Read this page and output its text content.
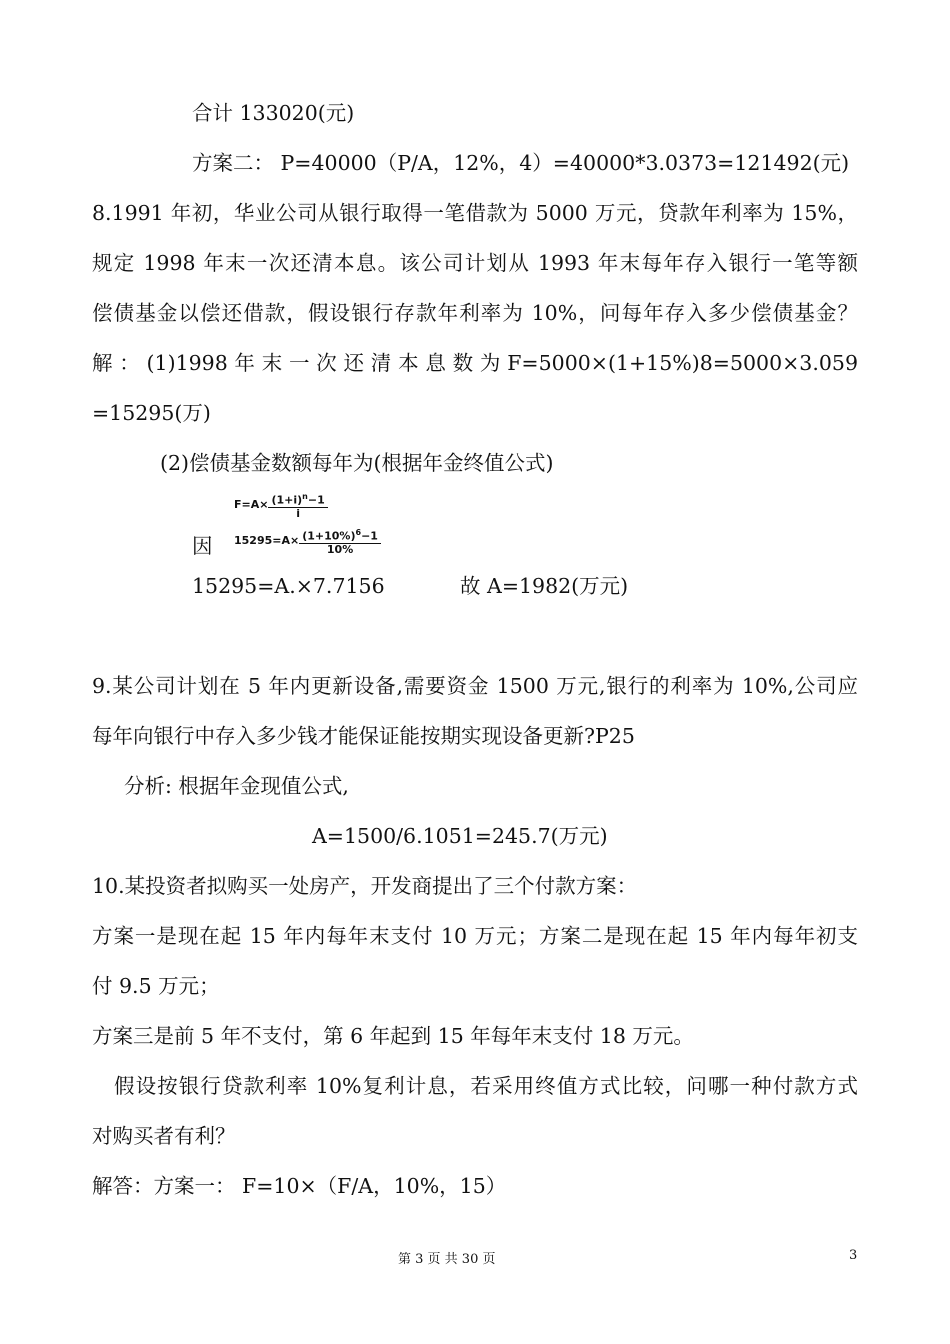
合计 133020(元)
方案二： P=40000（P/A，12%，4）=40000*3.0373=121492(元)
8.1991 年初，华业公司从银行取得一笔借款为 5000 万元，贷款年利率为 15%，
规定 1998 年末一次还清本息。该公司计划从 1993 年末每年存入银行一笔等额
偿债基金以偿还借款，假设银行存款年利率为 10%，问每年存入多少偿债基金？
解 ： (1)1998 年 末 一 次 还 清 本 息 数 为 F=5000×(1+15%)8=5000×3.059
=15295(万)
(2)偿债基金数额每年为(根据年金终值公式)
$F=A\times \frac{(1+i)^n-1}{i}$
因 $15295=A\times \frac{(1+10\%)^6-1}{10\%}$
15295=A.×7.7156	故 A=1982(万元)
9.某公司计划在 5 年内更新设备,需要资金 1500 万元,银行的利率为 10%,公司应
每年向银行中存入多少钱才能保证能按期实现设备更新?P25
分析: 根据年金现值公式,
A=1500/6.1051=245.7(万元)
10.某投资者拟购买一处房产，开发商提出了三个付款方案：
方案一是现在起 15 年内每年末支付 10 万元；方案二是现在起 15 年内每年初支
付 9.5 万元；
方案三是前 5 年不支付，第 6 年起到 15 年每年末支付 18 万元。
假设按银行贷款利率 10%复利计息，若采用终值方式比较，问哪一种付款方式
对购买者有利？
解答：方案一： F=10×（F/A，10%，15）
第 3 页 共 30 页	3
